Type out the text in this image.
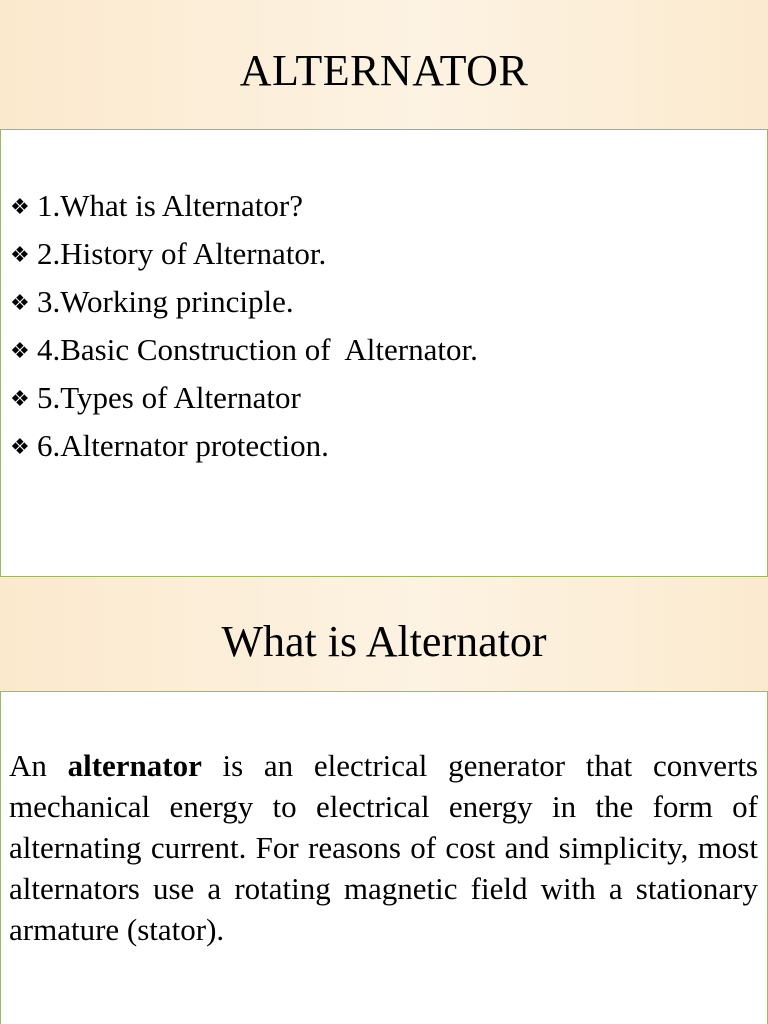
ALTERNATOR
❖ 1.What is Alternator?
❖ 2.History of Alternator.
❖ 3.Working principle.
❖ 4.Basic Construction of  Alternator.
❖ 5.Types of Alternator
❖ 6.Alternator protection.
What is Alternator

An alternator is an electrical generator that converts mechanical energy to electrical energy in the form of alternating current. For reasons of cost and simplicity, most alternators use a rotating magnetic field with a stationary armature (stator).
